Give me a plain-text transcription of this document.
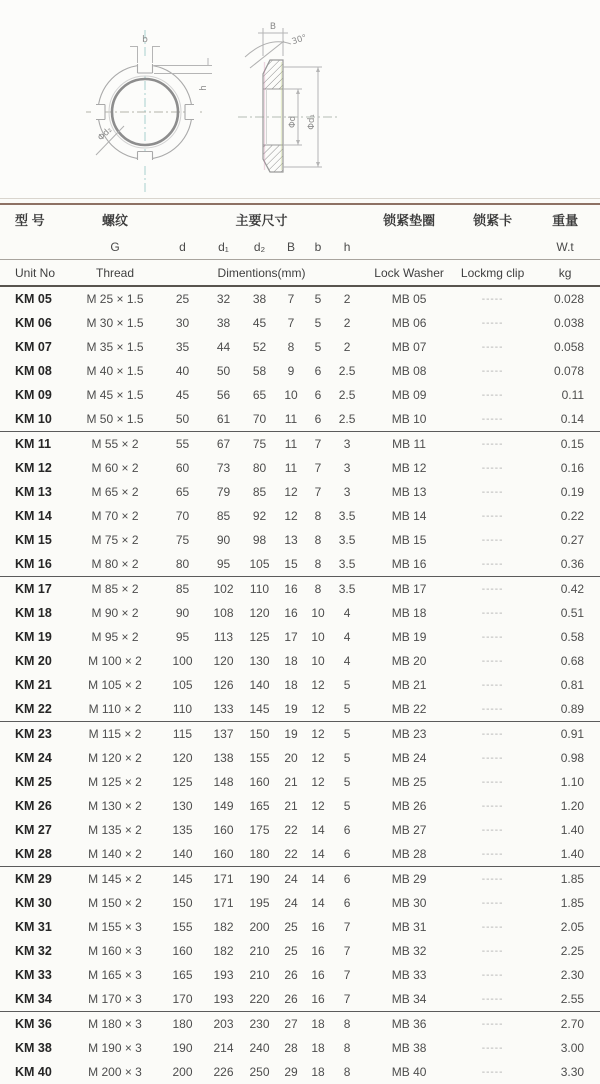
b
h
Φd₂
B
30°
Φd Φd₁
型 号	螺纹	主要尺寸						锁紧垫圈	锁紧卡	重量
	G	d	d₁	d₂	B	b	h			W.t
Unit No	Thread	Dimentions(mm)						Lock Washer	Lockmg clip	kg
KM 05	M 25 × 1.5	25	32	38	7	5	2	MB 05	-----	0.028
KM 06	M 30 × 1.5	30	38	45	7	5	2	MB 06	-----	0.038
KM 07	M 35 × 1.5	35	44	52	8	5	2	MB 07	-----	0.058
KM 08	M 40 × 1.5	40	50	58	9	6	2.5	MB 08	-----	0.078
KM 09	M 45 × 1.5	45	56	65	10	6	2.5	MB 09	-----	0.11
KM 10	M 50 × 1.5	50	61	70	11	6	2.5	MB 10	-----	0.14
KM 11	M 55 × 2	55	67	75	11	7	3	MB 11	-----	0.15
KM 12	M 60 × 2	60	73	80	11	7	3	MB 12	-----	0.16
KM 13	M 65 × 2	65	79	85	12	7	3	MB 13	-----	0.19
KM 14	M 70 × 2	70	85	92	12	8	3.5	MB 14	-----	0.22
KM 15	M 75 × 2	75	90	98	13	8	3.5	MB 15	-----	0.27
KM 16	M 80 × 2	80	95	105	15	8	3.5	MB 16	-----	0.36
KM 17	M 85 × 2	85	102	110	16	8	3.5	MB 17	-----	0.42
KM 18	M 90 × 2	90	108	120	16	10	4	MB 18	-----	0.51
KM 19	M 95 × 2	95	113	125	17	10	4	MB 19	-----	0.58
KM 20	M 100 × 2	100	120	130	18	10	4	MB 20	-----	0.68
KM 21	M 105 × 2	105	126	140	18	12	5	MB 21	-----	0.81
KM 22	M 110 × 2	110	133	145	19	12	5	MB 22	-----	0.89
KM 23	M 115 × 2	115	137	150	19	12	5	MB 23	-----	0.91
KM 24	M 120 × 2	120	138	155	20	12	5	MB 24	-----	0.98
KM 25	M 125 × 2	125	148	160	21	12	5	MB 25	-----	1.10
KM 26	M 130 × 2	130	149	165	21	12	5	MB 26	-----	1.20
KM 27	M 135 × 2	135	160	175	22	14	6	MB 27	-----	1.40
KM 28	M 140 × 2	140	160	180	22	14	6	MB 28	-----	1.40
KM 29	M 145 × 2	145	171	190	24	14	6	MB 29	-----	1.85
KM 30	M 150 × 2	150	171	195	24	14	6	MB 30	-----	1.85
KM 31	M 155 × 3	155	182	200	25	16	7	MB 31	-----	2.05
KM 32	M 160 × 3	160	182	210	25	16	7	MB 32	-----	2.25
KM 33	M 165 × 3	165	193	210	26	16	7	MB 33	-----	2.30
KM 34	M 170 × 3	170	193	220	26	16	7	MB 34	-----	2.55
KM 36	M 180 × 3	180	203	230	27	18	8	MB 36	-----	2.70
KM 38	M 190 × 3	190	214	240	28	18	8	MB 38	-----	3.00
KM 40	M 200 × 3	200	226	250	29	18	8	MB 40	-----	3.30
